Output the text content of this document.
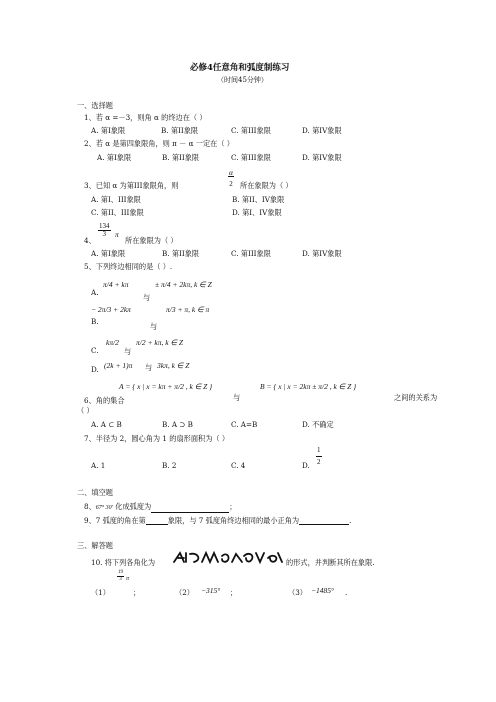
必修4任意角和弧度制练习
（时间45分钟）
一、选择题
1、若 α =－3，则角 α 的终边在（ ）
A. 第I象限	B. 第II象限	C. 第III象限	D. 第IV象限
2、若 α 是第四象限角，则 π － α 一定在（ ）
A. 第I象限	B. 第II象限	C. 第III象限	D. 第IV象限
3、已知 α 为第III象限角，则	$\frac{\alpha}{2}$ 所在象限为（ ）
A. 第I、III象限	B. 第II、IV象限
C. 第II、III象限	D. 第I、IV象限
$\frac{134}{3}$ π
4、	所在象限为（ ）
A. 第I象限	B. 第II象限	C. 第III象限	D. 第IV象限
5、下列终边相同的是（ ）.
A.
π/4 + kπ
与
± π/4 + 2kπ, k ∈ Z
B.
− 2π/3 + 2kπ
与
π/3 + π, k ∈ π
C.
kπ/2
与
π/2 + kπ, k ∈ Z
D. (2k + 1)π 与 3kπ, k ∈ Z
6、角的集合
A = { x | x = kπ + π/2 , k ∈ Z }
与
B = { x | x = 2kπ ± π/2 , k ∈ Z }
之间的关系为
（ ）
A. A ⊂ B	B. A ⊃ B	C. A=B	D. 不确定
7、半径为 2，圆心角为 1 的扇形面积为（ ）
A. 1	B. 2	C. 4	D. $\frac{1}{2}$
二、填空题
8、67° 30′ 化成弧度为	；
9、7 弧度的角在第	象限，与 7 弧度角终边相同的最小正角为	.
三、解答题
10. 将下列各角化为	的形式，并判断其所在象限.
（1）
$\frac{19}{3}$ π
；	（2） −315° ；	（3） −1485° .
